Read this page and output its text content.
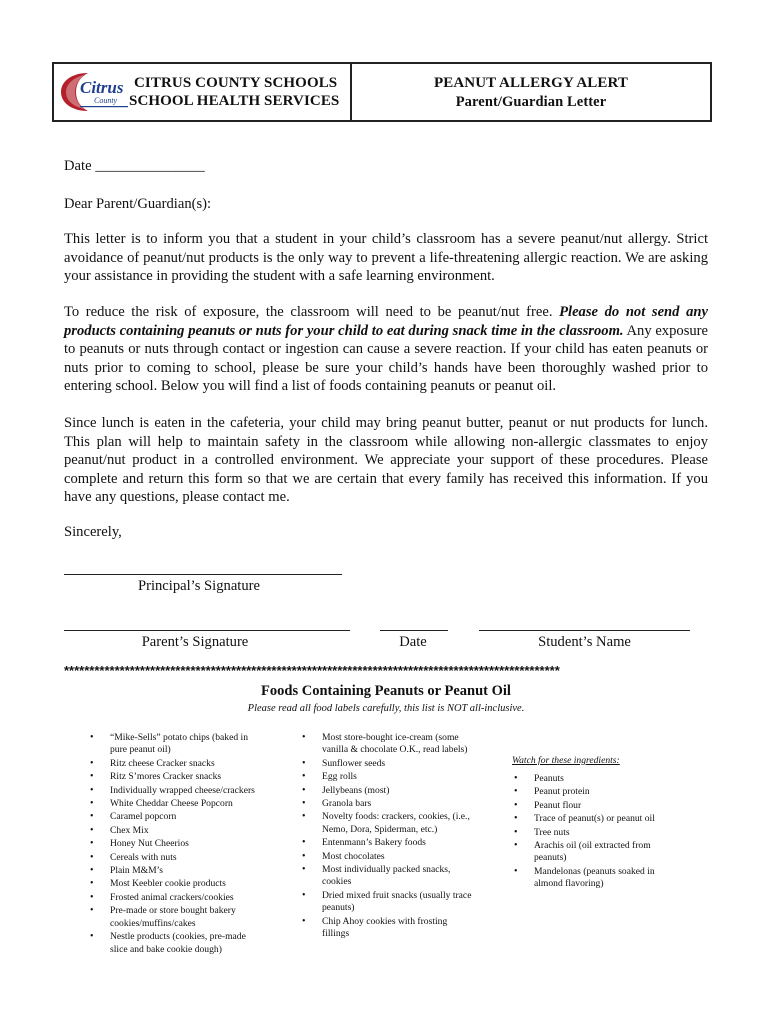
Citrus
County
CITRUS COUNTY SCHOOLS
SCHOOL HEALTH SERVICES
PEANUT ALLERGY ALERT
Parent/Guardian Letter

Date _______________

Dear Parent/Guardian(s):

This letter is to inform you that a student in your child’s classroom has a severe peanut/nut allergy. Strict avoidance of peanut/nut products is the only way to prevent a life-threatening allergic reaction. We are asking your assistance in providing the student with a safe learning environment.

To reduce the risk of exposure, the classroom will need to be peanut/nut free. Please do not send any products containing peanuts or nuts for your child to eat during snack time in the classroom. Any exposure to peanuts or nuts through contact or ingestion can cause a severe reaction. If your child has eaten peanuts or nuts prior to coming to school, please be sure your child’s hands have been thoroughly washed prior to entering school. Below you will find a list of foods containing peanuts or peanut oil.

Since lunch is eaten in the cafeteria, your child may bring peanut butter, peanut or nut products for lunch. This plan will help to maintain safety in the classroom while allowing non-allergic classmates to enjoy peanut/nut product in a controlled environment. We appreciate your support of these procedures. Please complete and return this form so that we are certain that every family has received this information. If you have any questions, please contact me.

Sincerely,

Principal’s Signature
Parent’s Signature	Date	Student’s Name
**************************************************************************************************
Foods Containing Peanuts or Peanut Oil
Please read all food labels carefully, this list is NOT all-inclusive.
• “Mike-Sells” potato chips (baked in pure peanut oil)
• Ritz cheese Cracker snacks
• Ritz S’mores Cracker snacks
• Individually wrapped cheese/crackers
• White Cheddar Cheese Popcorn
• Caramel popcorn
• Chex Mix
• Honey Nut Cheerios
• Cereals with nuts
• Plain M&M’s
• Most Keebler cookie products
• Frosted animal crackers/cookies
• Pre-made or store bought bakery cookies/muffins/cakes
• Nestle products (cookies, pre-made slice and bake cookie dough)
• Most store-bought ice-cream (some vanilla & chocolate O.K., read labels)
• Sunflower seeds
• Egg rolls
• Jellybeans (most)
• Granola bars
• Novelty foods: crackers, cookies, (i.e., Nemo, Dora, Spiderman, etc.)
• Entenmann’s Bakery foods
• Most chocolates
• Most individually packed snacks, cookies
• Dried mixed fruit snacks (usually trace peanuts)
• Chip Ahoy cookies with frosting fillings
Watch for these ingredients:
• Peanuts
• Peanut protein
• Peanut flour
• Trace of peanut(s) or peanut oil
• Tree nuts
• Arachis oil (oil extracted from peanuts)
• Mandelonas (peanuts soaked in almond flavoring)
